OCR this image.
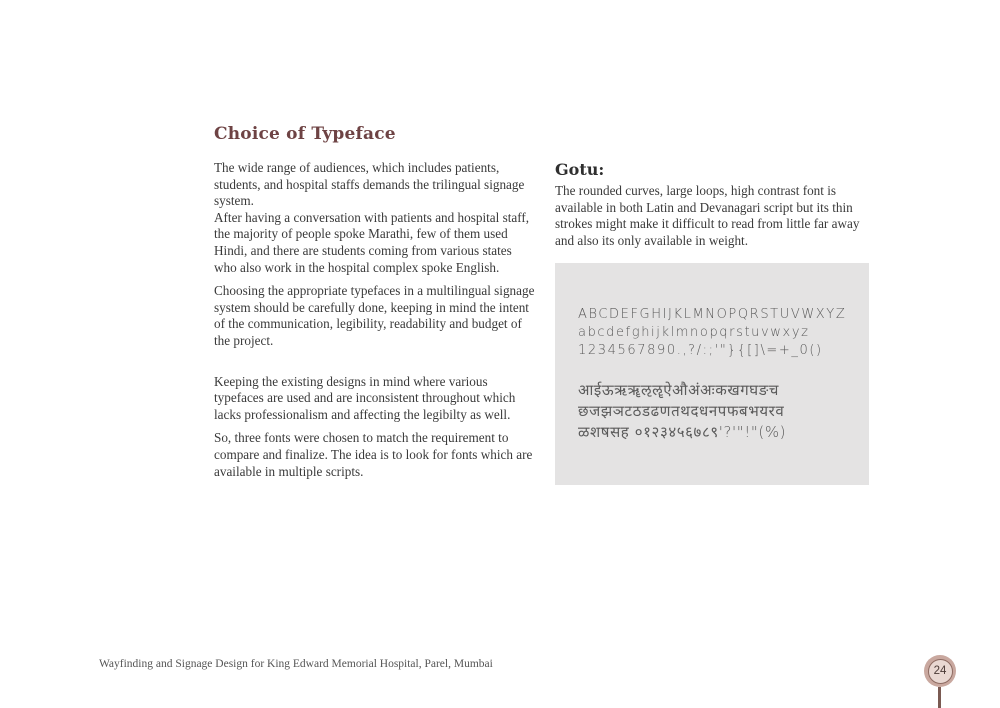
Choice of Typeface

The wide range of audiences, which includes patients, students, and hospital staffs demands the trilingual signage system.

After having a conversation with patients and hospital staff, the majority of people spoke Marathi, few of them used Hindi, and there are students coming from various states who also work in the hospital complex spoke English.

Choosing the appropriate typefaces in a multilingual signage system should be carefully done, keeping in mind the intent of the communication, legibility, readability and budget of the project.

Keeping the existing designs in mind where various typefaces are used and are inconsistent throughout which lacks professionalism and affecting the legibilty as well.

So, three fonts were chosen to match the requirement to compare and finalize. The idea is to look for fonts which are available in multiple scripts.

Gotu:

The rounded curves, large loops, high contrast font is available in both Latin and Devanagari script but its thin strokes might make it difficult to read from little far away and also its only available in weight.

ABCDEFGHIJKLMNOPQRSTUVWXYZ
abcdefghijklmnopqrstuvwxyz
1234567890.,?/:;'"}{[]\=+_0()
आईऊऋॠऌॡऐऔअंअःकखगघङच
छजझञटठडढणतथदधनपफबभयरव
ळशषसह ०१२३४५६७८९'?'"!"(%)
Wayfinding and Signage Design for King Edward Memorial Hospital, Parel, Mumbai
24
